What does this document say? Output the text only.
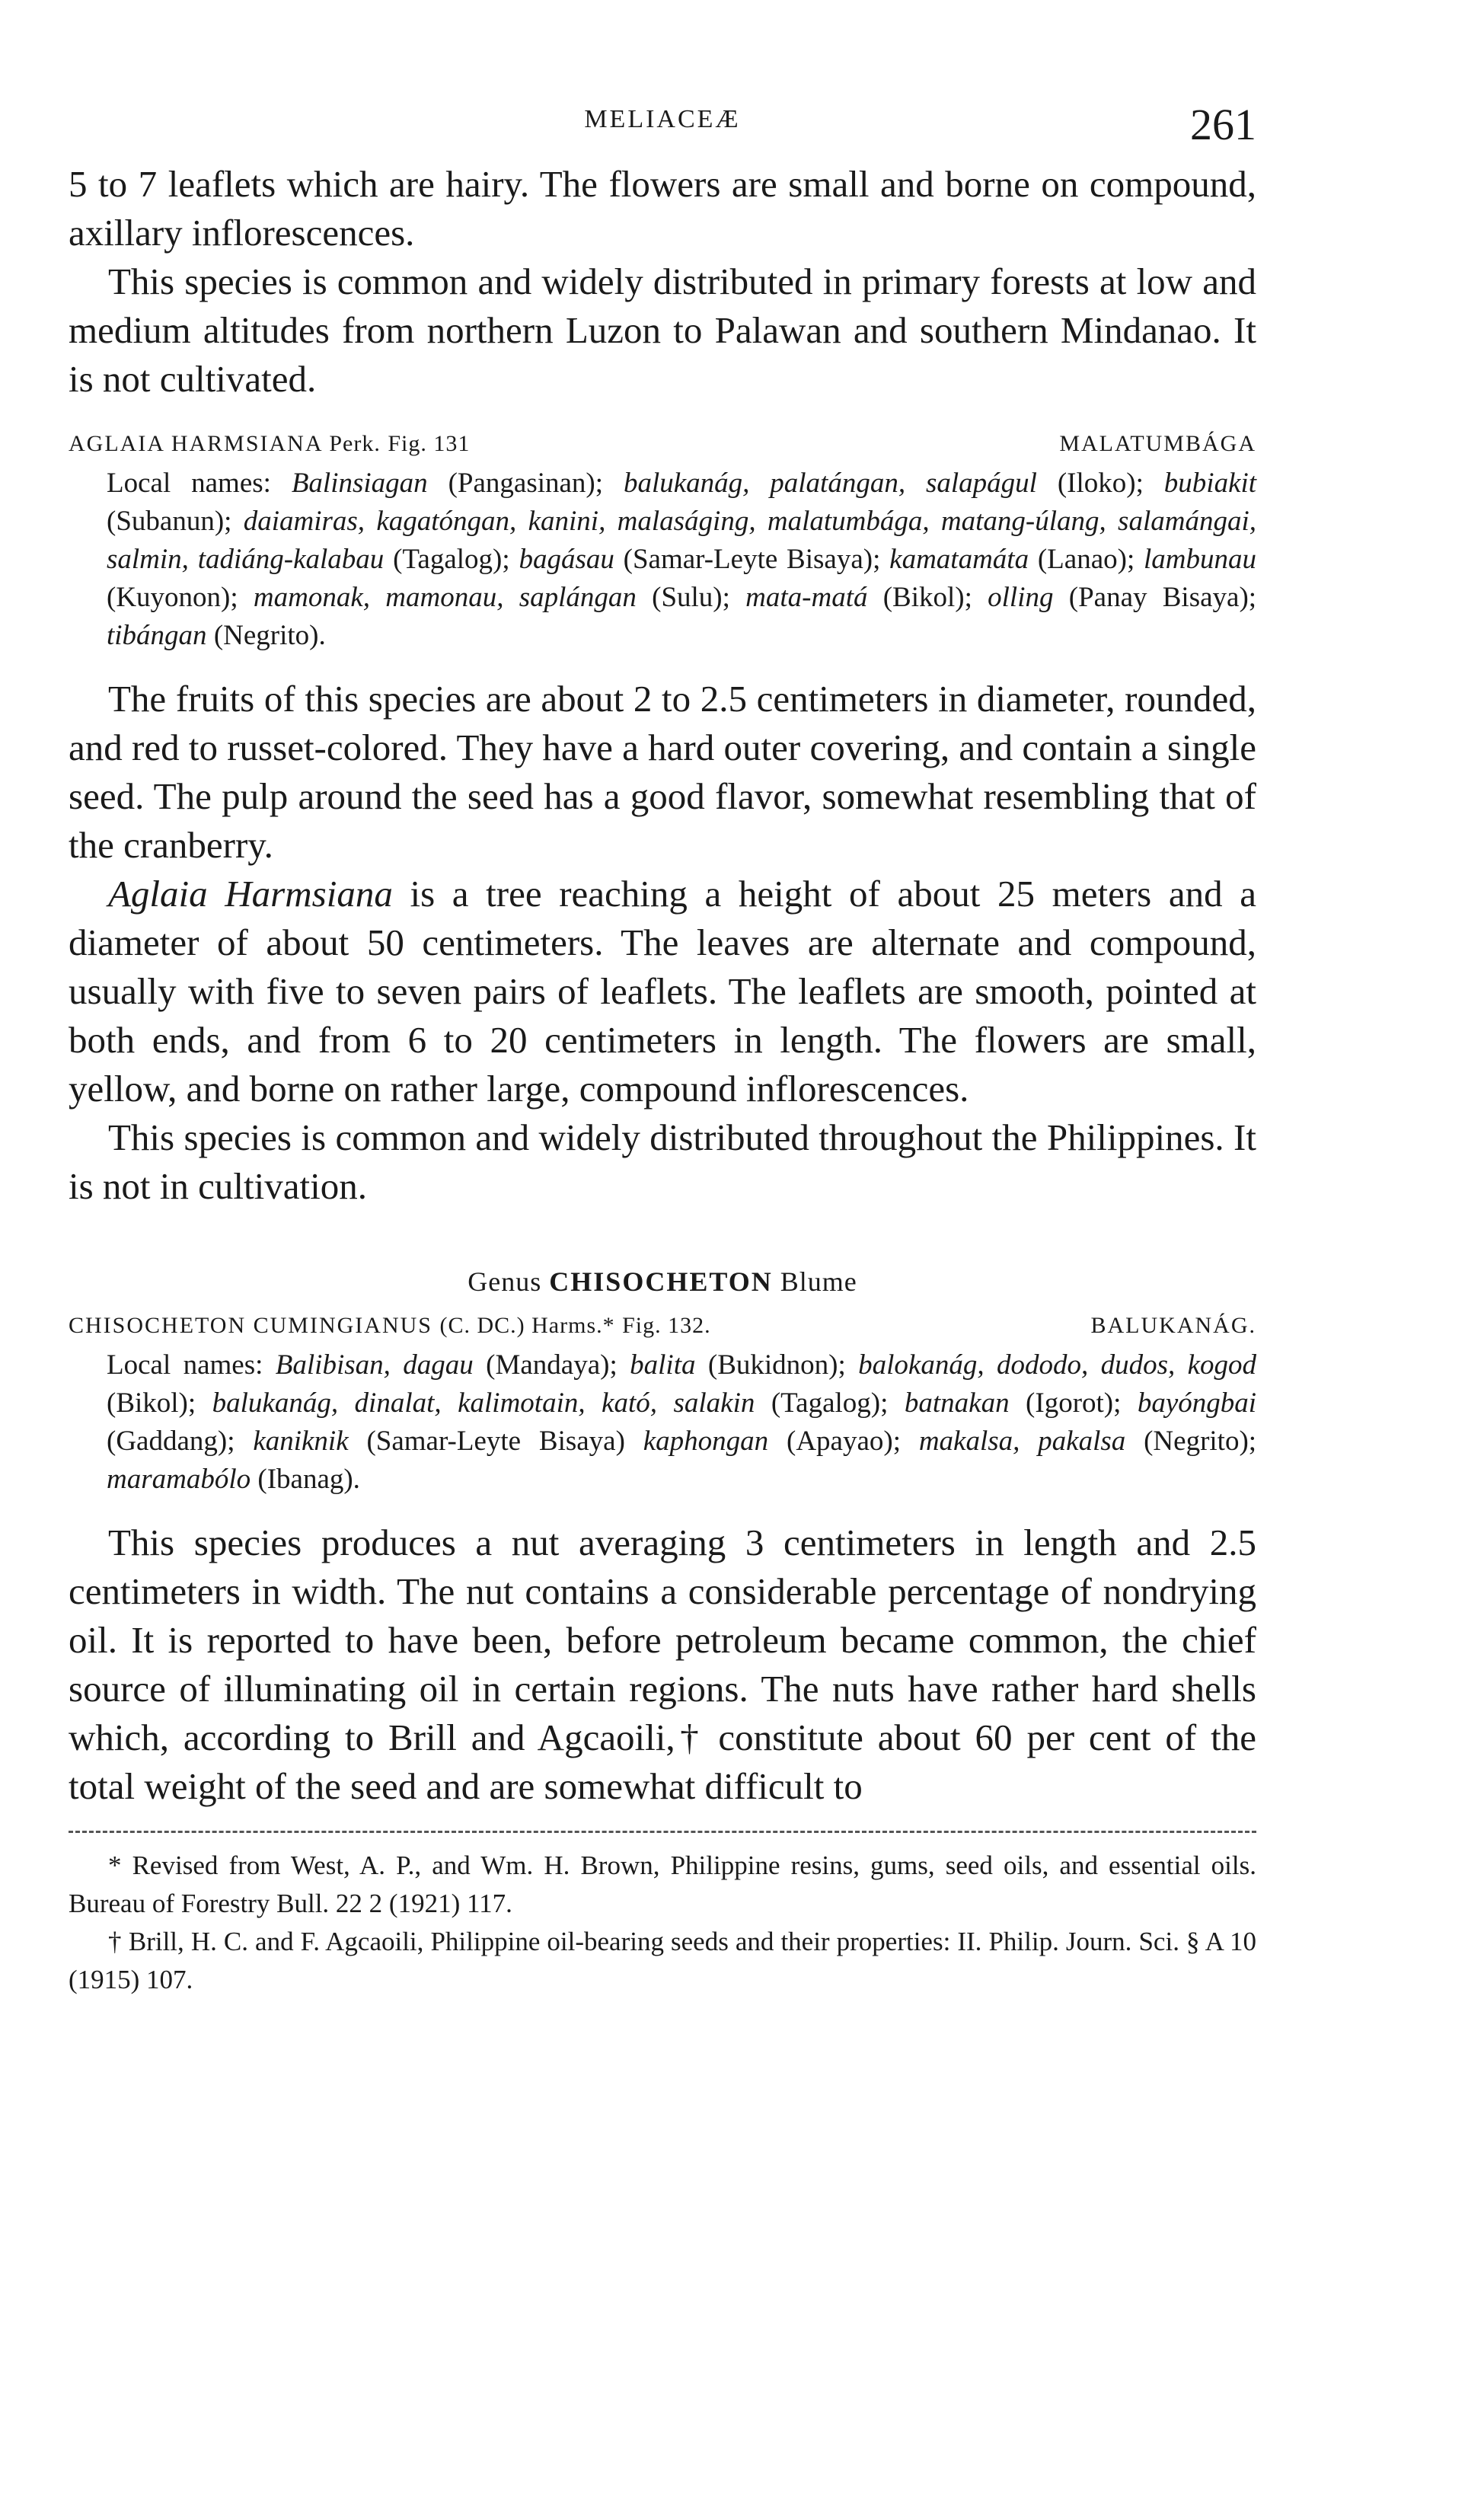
MELIACEÆ	261

5 to 7 leaflets which are hairy. The flowers are small and borne on compound, axillary inflorescences.

This species is common and widely distributed in primary forests at low and medium altitudes from northern Luzon to Palawan and southern Mindanao. It is not cultivated.

AGLAIA HARMSIANA Perk. Fig. 131	MALATUMBÁGA

Local names: Balinsiagan (Pangasinan); balukanág, palatángan, salapágul (Iloko); bubiakit (Subanun); daiamiras, kagatóngan, kanini, malaságing, malatumbága, matang-úlang, salamángai, salmin, tadiáng-kalabau (Tagalog); bagásau (Samar-Leyte Bisaya); kamatamáta (Lanao); lambunau (Kuyonon); mamonak, mamonau, saplángan (Sulu); mata-matá (Bikol); olling (Panay Bisaya); tibángan (Negrito).

The fruits of this species are about 2 to 2.5 centimeters in diameter, rounded, and red to russet-colored. They have a hard outer covering, and contain a single seed. The pulp around the seed has a good flavor, somewhat resembling that of the cranberry.

Aglaia Harmsiana is a tree reaching a height of about 25 meters and a diameter of about 50 centimeters. The leaves are alternate and compound, usually with five to seven pairs of leaflets. The leaflets are smooth, pointed at both ends, and from 6 to 20 centimeters in length. The flowers are small, yellow, and borne on rather large, compound inflorescences.

This species is common and widely distributed throughout the Philippines. It is not in cultivation.

Genus CHISOCHETON Blume
CHISOCHETON CUMINGIANUS (C. DC.) Harms.* Fig. 132.	BALUKANÁG.

Local names: Balibisan, dagau (Mandaya); balita (Bukidnon); balokanág, dododo, dudos, kogod (Bikol); balukanág, dinalat, kalimotain, kató, salakin (Tagalog); batnakan (Igorot); bayóngbai (Gaddang); kaniknik (Samar-Leyte Bisaya) kaphongan (Apayao); makalsa, pakalsa (Negrito); maramabólo (Ibanag).

This species produces a nut averaging 3 centimeters in length and 2.5 centimeters in width. The nut contains a considerable percentage of nondrying oil. It is reported to have been, before petroleum became common, the chief source of illuminating oil in certain regions. The nuts have rather hard shells which, according to Brill and Agcaoili,† constitute about 60 per cent of the total weight of the seed and are somewhat difficult to

* Revised from West, A. P., and Wm. H. Brown, Philippine resins, gums, seed oils, and essential oils. Bureau of Forestry Bull. 22 2 (1921) 117.

† Brill, H. C. and F. Agcaoili, Philippine oil-bearing seeds and their properties: II. Philip. Journ. Sci. § A 10 (1915) 107.
